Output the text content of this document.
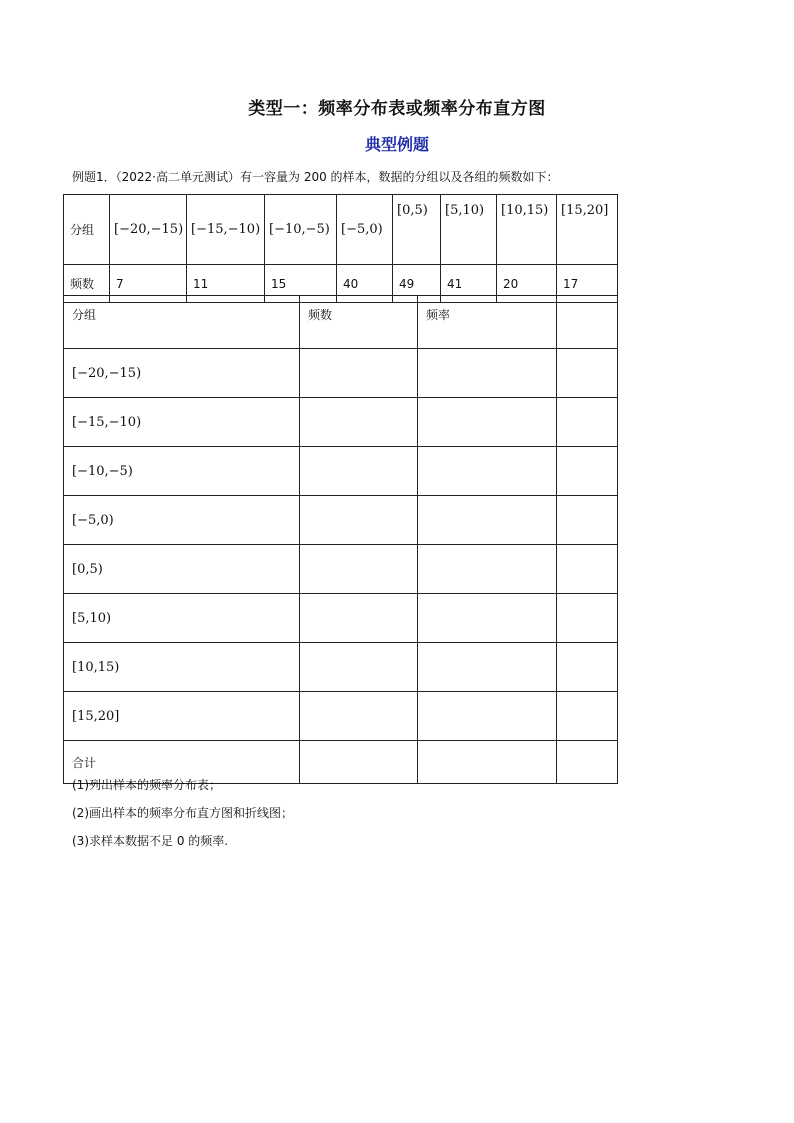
类型一：频率分布表或频率分布直方图
典型例题
例题1．（2022·高二单元测试）有一容量为 200 的样本，数据的分组以及各组的频数如下：
分组	[−20,−15)	[−15,−10)	[−10,−5)	[−5,0)	[0,5)	[5,10)	[10,15)	[15,20]
频数	7	11	15	40	49	41	20	17
分组	频数	频率	
[−20,−15)			
[−15,−10)			
[−10,−5)			
[−5,0)			
[0,5)			
[5,10)			
[10,15)			
[15,20]			
合计			
(1)列出样本的频率分布表；
(2)画出样本的频率分布直方图和折线图；
(3)求样本数据不足 0 的频率.
